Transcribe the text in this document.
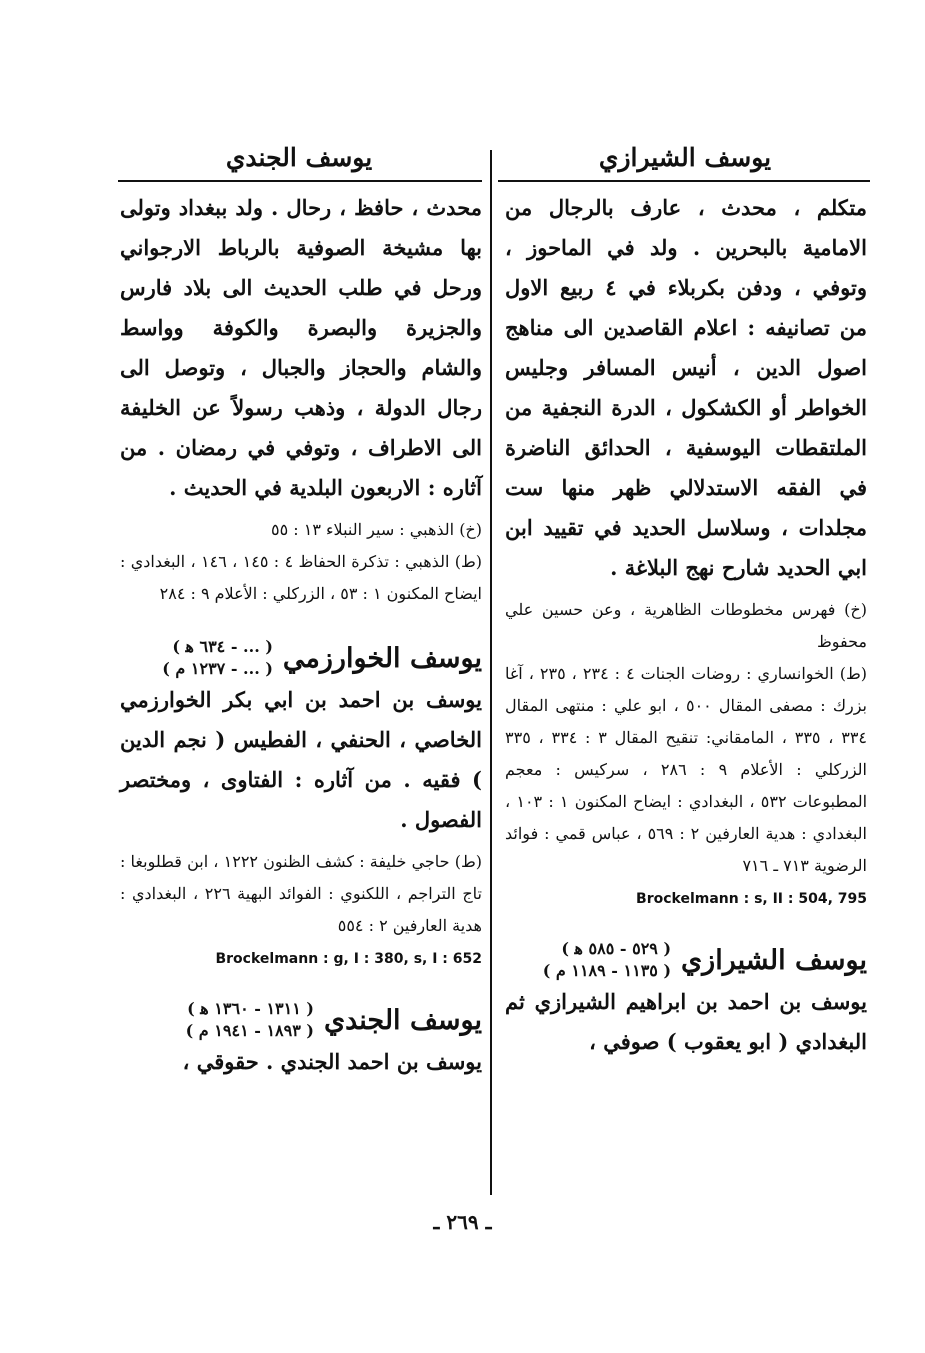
يوسف الشيرازي
يوسف الجندي

متكلم ، محدث ، عارف بالرجال من الامامية بالبحرين . ولد في الماحوز ، وتوفي ، ودفن بكربلاء في ٤ ربيع الاول من تصانيفه : اعلام القاصدين الى مناهج اصول الدين ، أنيس المسافر وجليس الخواطر أو الكشكول ، الدرة النجفية من الملتقطات اليوسفية ، الحدائق الناضرة في الفقه الاستدلالي ظهر منها ست مجلدات ، وسلاسل الحديد في تقييد ابن ابي الحديد شارح نهج البلاغة .

(خ) فهرس مخطوطات الظاهرية ، وعن حسين علي محفوظ

(ط) الخوانساري : روضات الجنات ٤ : ٢٣٤ ، ٢٣٥ ، آغا بزرك : مصفى المقال ٥٠٠ ، ابو علي : منتهى المقال ٣٣٤ ، ٣٣٥ ، المامقاني: تنقيح المقال ٣ : ٣٣٤ ، ٣٣٥ الزركلي : الأعلام ٩ : ٢٨٦ ، سركيس : معجم المطبوعات ٥٣٢ ، البغدادي : ايضاح المكنون ١ : ١٠٣ ، البغدادي : هدية العارفين ٢ : ٥٦٩ ، عباس قمي : فوائد الرضوية ٧١٣ ـ ٧١٦

Brockelmann : s, II : 504, 795

يوسف الشيرازي
( ٥٢٩ - ٥٨٥ ﻫ )
( ١١٣٥ - ١١٨٩ م )

يوسف بن احمد بن ابراهيم الشيرازي ثم البغدادي ( ابو يعقوب ) صوفي ،

محدث ، حافظ ، رحال . ولد ببغداد وتولى بها مشيخة الصوفية بالرباط الارجواني ورحل في طلب الحديث الى بلاد فارس والجزيرة والبصرة والكوفة وواسط والشام والحجاز والجبال ، وتوصل الى رجال الدولة ، وذهب رسولاً عن الخليفة الى الاطراف ، وتوفي في رمضان . من آثاره : الاربعون البلدية في الحديث .

(خ) الذهبي : سير النبلاء ١٣ : ٥٥

(ط) الذهبي : تذكرة الحفاظ ٤ : ١٤٥ ، ١٤٦ ، البغدادي : ايضاح المكنون ١ : ٥٣ ، الزركلي : الأعلام ٩ : ٢٨٤

يوسف الخوارزمي
( ... - ٦٣٤ ﻫ )
( ... - ١٢٣٧ م )

يوسف بن احمد بن ابي بكر الخوارزمي الخاصي ، الحنفي ، الفطيس ( نجم الدين ) فقيه . من آثاره : الفتاوى ، ومختصر الفصول .

(ط) حاجي خليفة : كشف الظنون ١٢٢٢ ، ابن قطلوبغا : تاج التراجم ، اللكنوي : الفوائد البهية ٢٢٦ ، البغدادي : هدية العارفين ٢ : ٥٥٤

Brockelmann : g, I : 380, s, I : 652

يوسف الجندي
( ١٣١١ - ١٣٦٠ ﻫ )
( ١٨٩٣ - ١٩٤١ م )

يوسف بن احمد الجندي . حقوقي ،

ـ ٢٦٩ ـ
